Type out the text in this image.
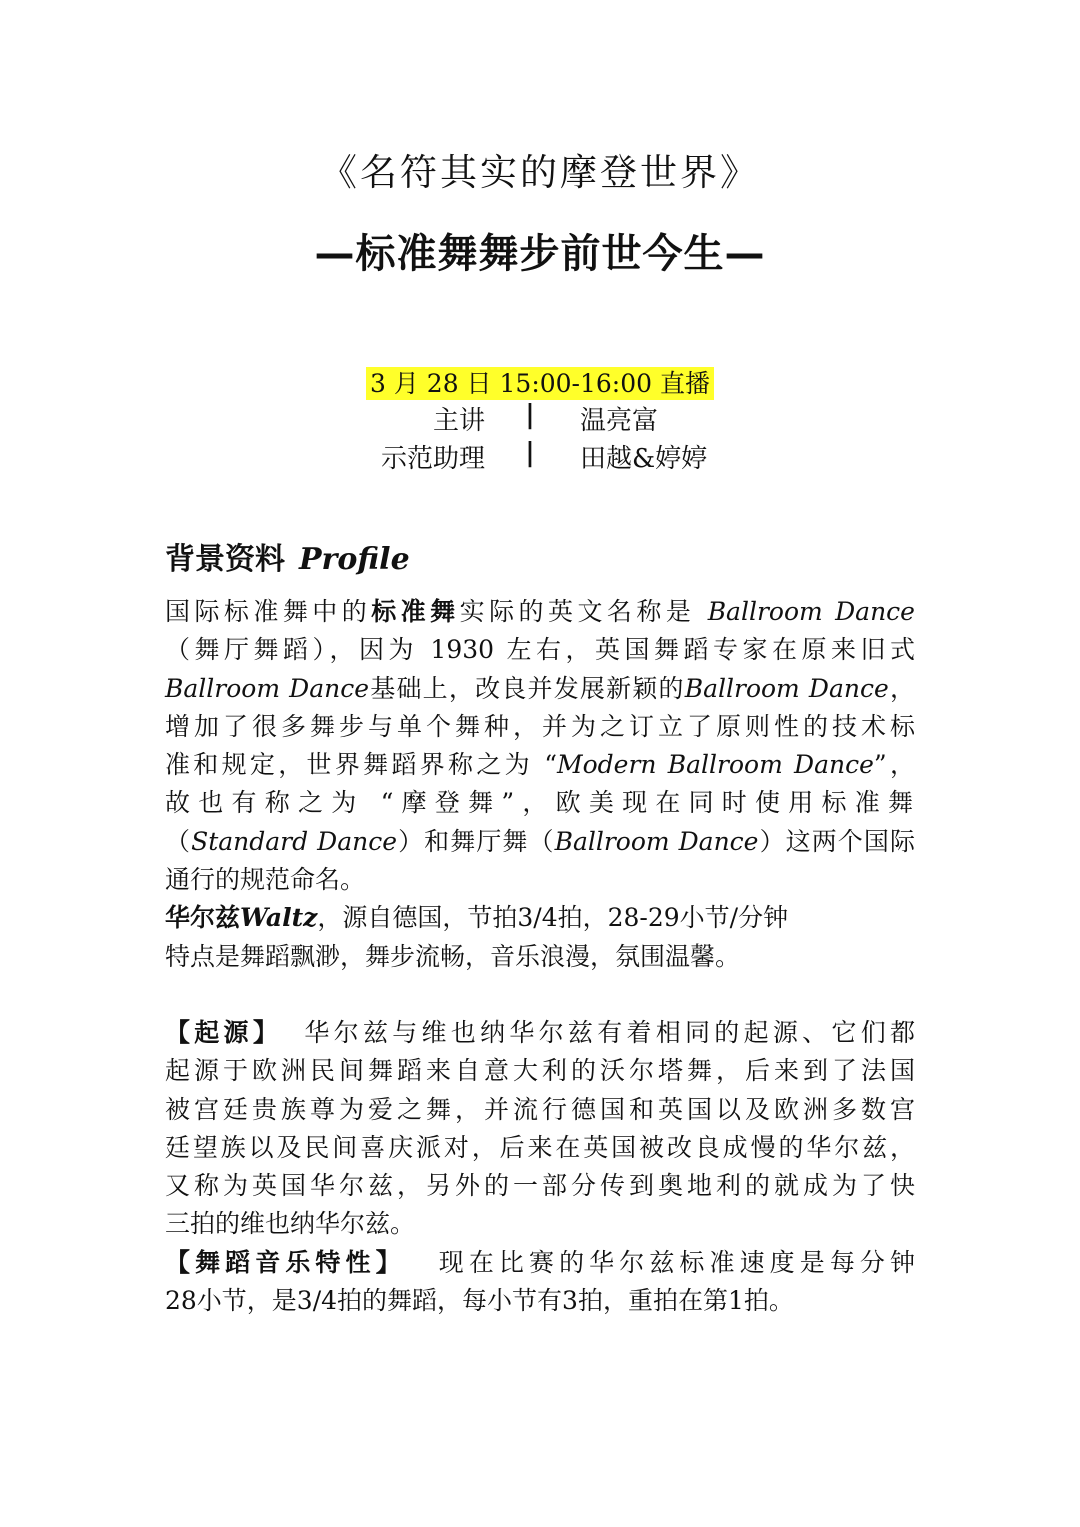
《名符其实的摩登世界》
—标准舞舞步前世今生—
3 月 28 日 15:00-16:00 直播
主讲 | 温亮富
示范助理 | 田越&婷婷
背景资料 Profile
国际标准舞中的标准舞实际的英文名称是 Ballroom Dance
（舞厅舞蹈），因为 1930 左右，英国舞蹈专家在原来旧式
Ballroom Dance基础上，改良并发展新颖的Ballroom Dance，
增加了很多舞步与单个舞种，并为之订立了原则性的技术标
准和规定，世界舞蹈界称之为 “Modern Ballroom Dance”，
故也有称之为 “摩登舞”，欧美现在同时使用标准舞
（Standard Dance）和舞厅舞（Ballroom Dance）这两个国际
通行的规范命名。
华尔兹Waltz，源自德国，节拍3/4拍，28-29小节/分钟
特点是舞蹈飘渺，舞步流畅，音乐浪漫，氛围温馨。
【起源】 华尔兹与维也纳华尔兹有着相同的起源、它们都
起源于欧洲民间舞蹈来自意大利的沃尔塔舞，后来到了法国
被宫廷贵族尊为爱之舞，并流行德国和英国以及欧洲多数宫
廷望族以及民间喜庆派对，后来在英国被改良成慢的华尔兹，
又称为英国华尔兹，另外的一部分传到奥地利的就成为了快
三拍的维也纳华尔兹。
【舞蹈音乐特性】 现在比赛的华尔兹标准速度是每分钟
28小节，是3/4拍的舞蹈，每小节有3拍，重拍在第1拍。
